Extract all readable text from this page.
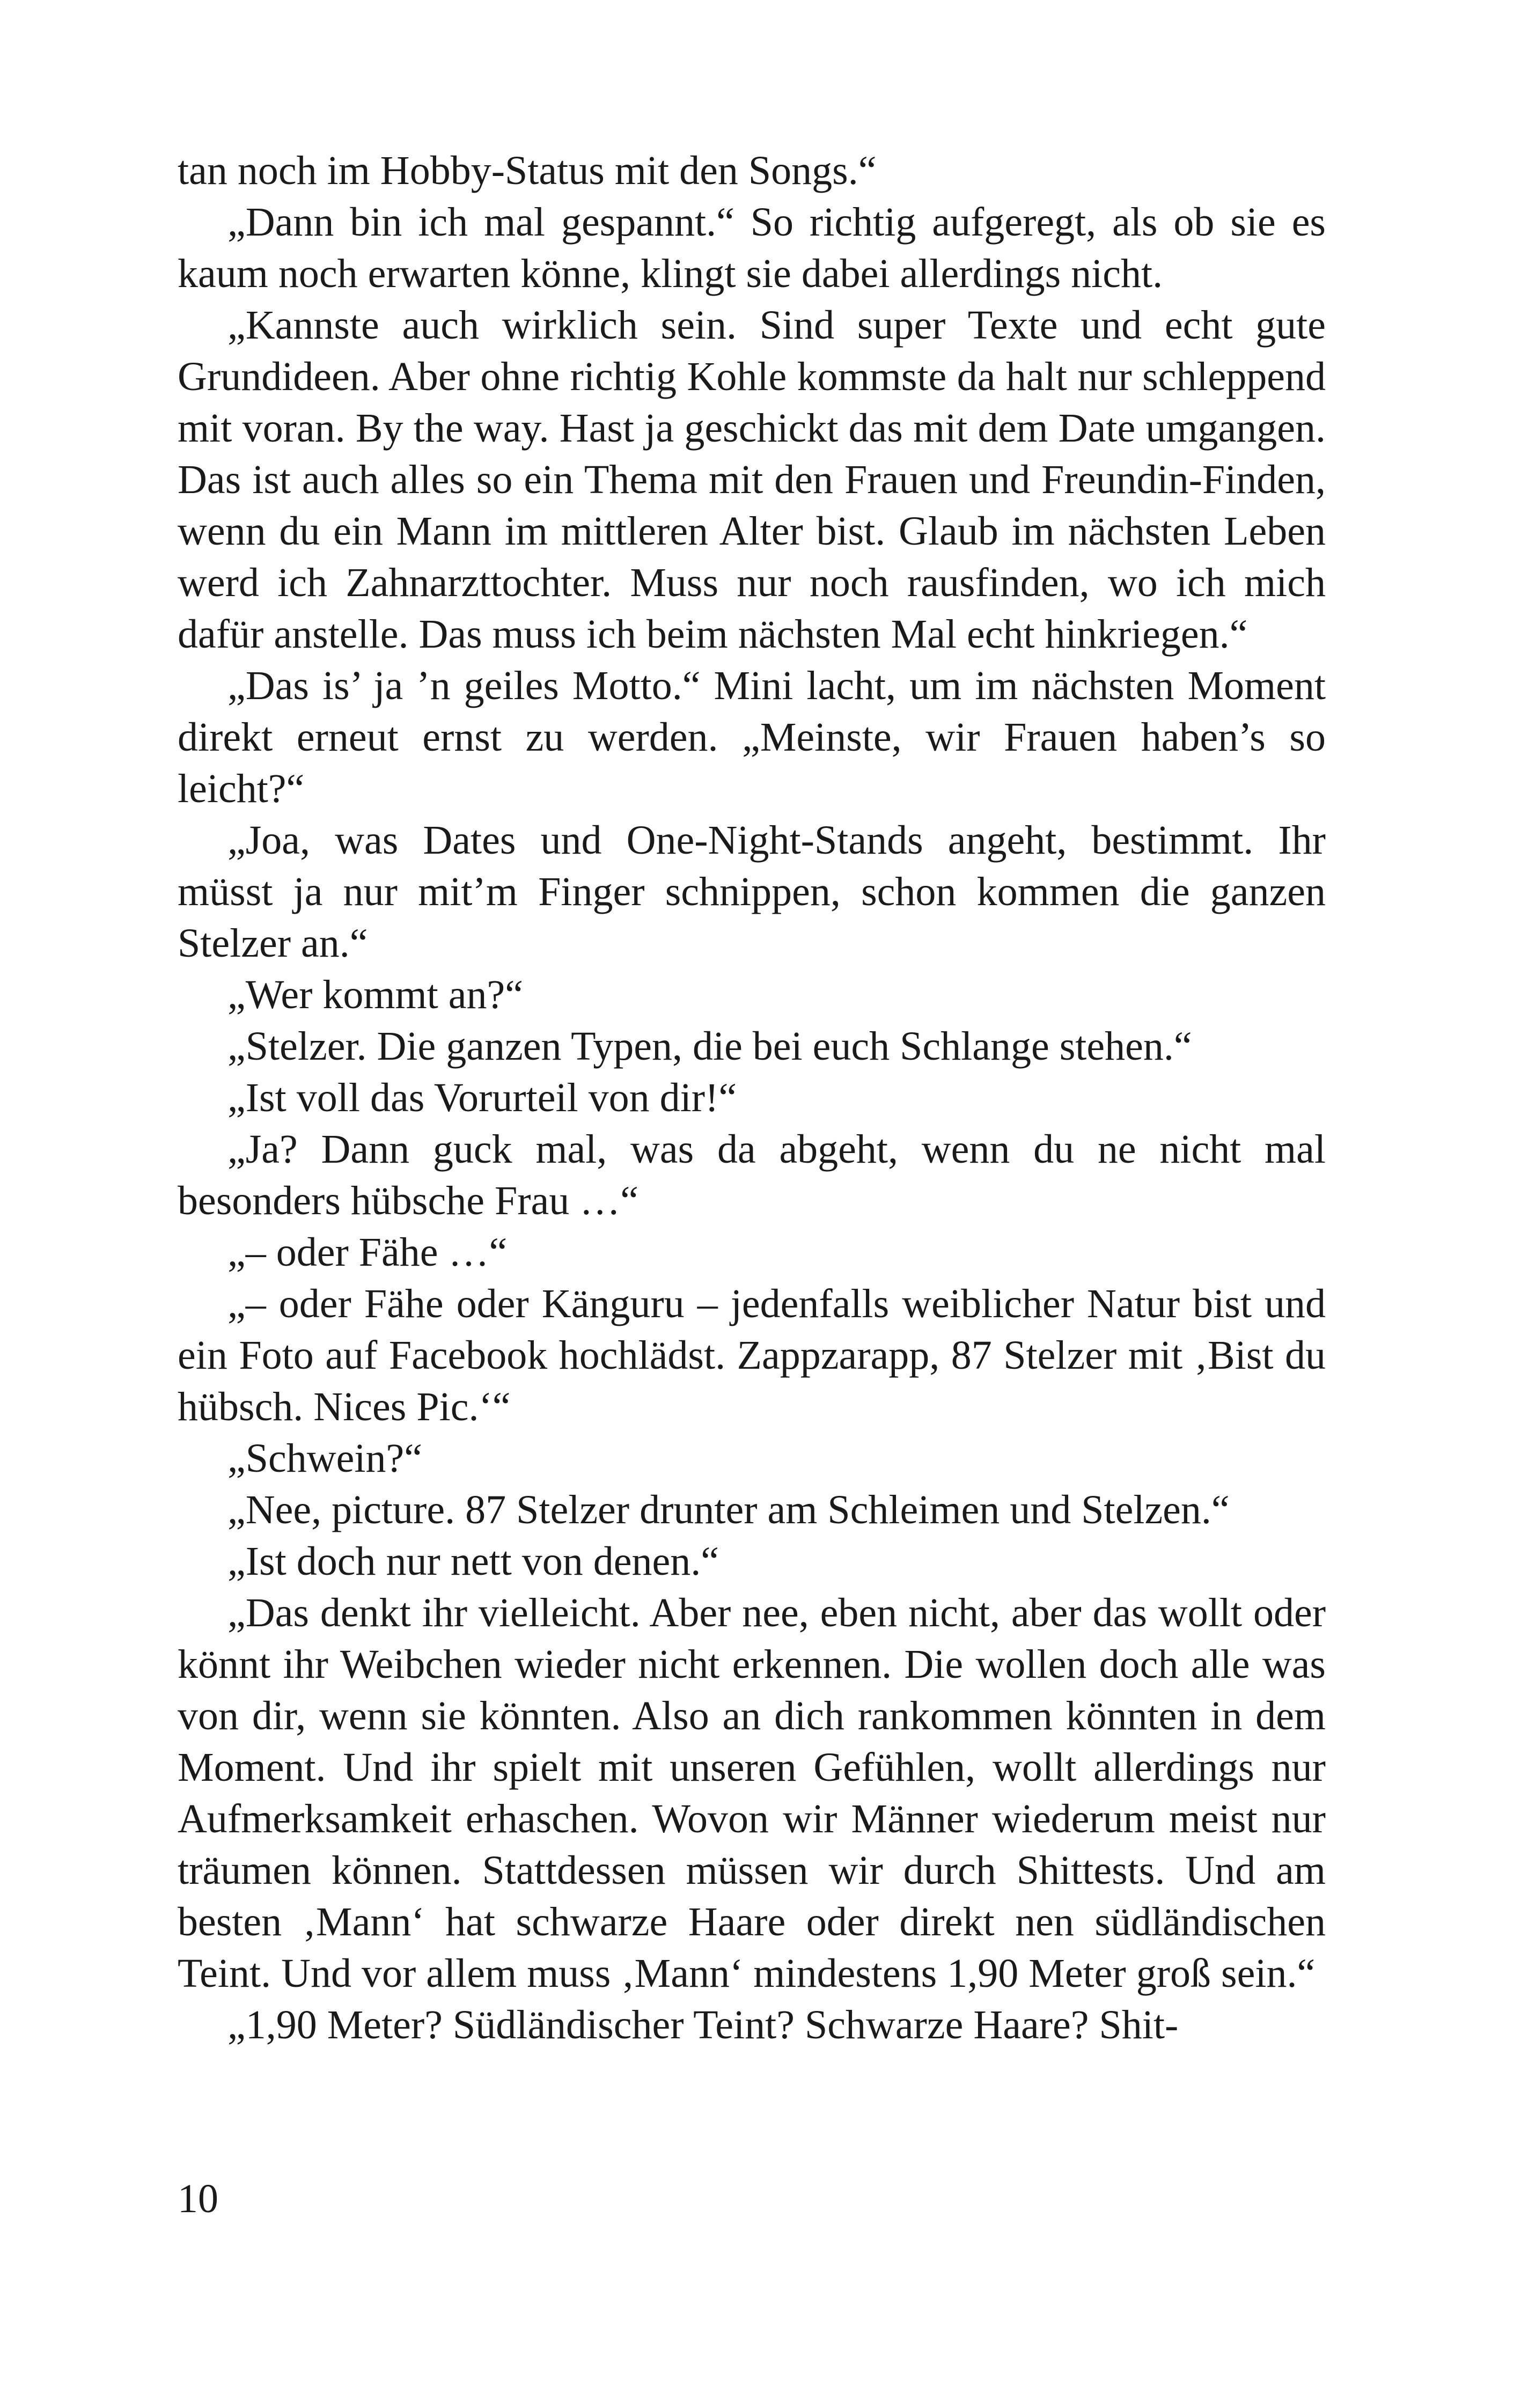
tan noch im Hobby-Status mit den Songs.“

„Dann bin ich mal gespannt.“ So richtig aufgeregt, als ob sie es kaum noch erwarten könne, klingt sie dabei allerdings nicht.

„Kannste auch wirklich sein. Sind super Texte und echt gute Grundideen. Aber ohne richtig Kohle kommste da halt nur schleppend mit voran. By the way. Hast ja geschickt das mit dem Date umgangen. Das ist auch alles so ein Thema mit den Frauen und Freundin-Finden, wenn du ein Mann im mittleren Alter bist. Glaub im nächsten Leben werd ich Zahnarzttochter. Muss nur noch rausfinden, wo ich mich dafür anstelle. Das muss ich beim nächsten Mal echt hinkriegen.“

„Das is’ ja ’n geiles Motto.“ Mini lacht, um im nächsten Moment direkt erneut ernst zu werden. „Meinste, wir Frauen haben’s so leicht?“

„Joa, was Dates und One-Night-Stands angeht, bestimmt. Ihr müsst ja nur mit’m Finger schnippen, schon kommen die ganzen Stelzer an.“

„Wer kommt an?“

„Stelzer. Die ganzen Typen, die bei euch Schlange stehen.“

„Ist voll das Vorurteil von dir!“

„Ja? Dann guck mal, was da abgeht, wenn du ne nicht mal besonders hübsche Frau …“

„– oder Fähe …“

„– oder Fähe oder Känguru – jedenfalls weiblicher Natur bist und ein Foto auf Facebook hochlädst. Zappzarapp, 87 Stelzer mit ‚Bist du hübsch. Nices Pic.‘“

„Schwein?“

„Nee, picture. 87 Stelzer drunter am Schleimen und Stelzen.“

„Ist doch nur nett von denen.“

„Das denkt ihr vielleicht. Aber nee, eben nicht, aber das wollt oder könnt ihr Weibchen wieder nicht erkennen. Die wollen doch alle was von dir, wenn sie könnten. Also an dich rankommen könnten in dem Moment. Und ihr spielt mit unseren Gefühlen, wollt allerdings nur Aufmerksamkeit erhaschen. Wovon wir Männer wiederum meist nur träumen können. Stattdessen müssen wir durch Shittests. Und am besten ‚Mann‘ hat schwarze Haare oder direkt nen südländischen Teint. Und vor allem muss ‚Mann‘ mindestens 1,90 Meter groß sein.“

„1,90 Meter? Südländischer Teint? Schwarze Haare? Shit-

10
